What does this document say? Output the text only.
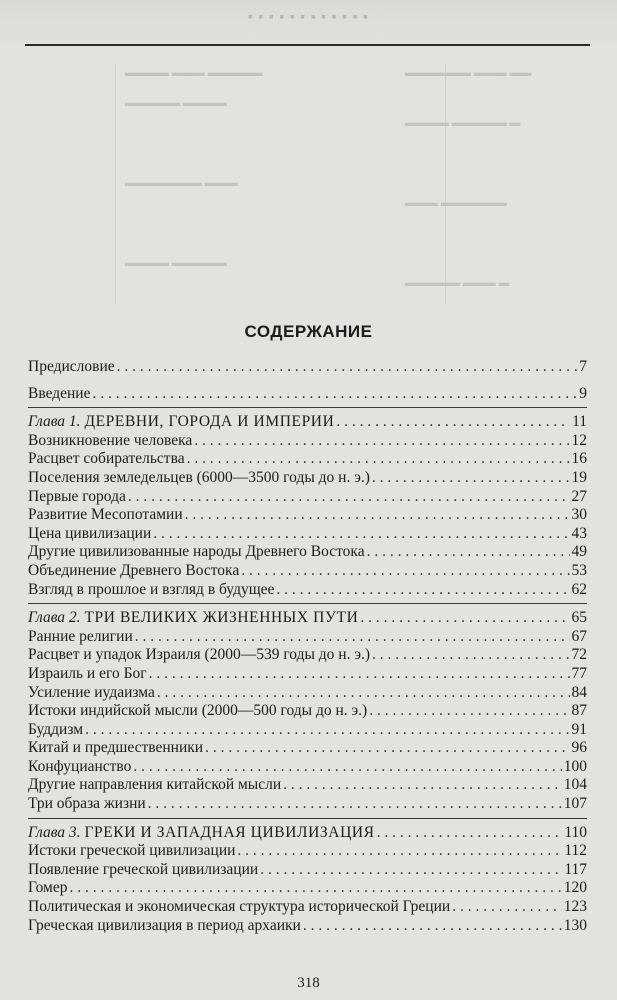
▪ ▪ ▪ ▪ ▪ ▪ ▪ ▪ ▪ ▪ ▪ ▪
▬▬▬▬ ▬▬▬ ▬▬▬▬▬	▬▬▬▬▬▬ ▬▬▬ ▬▬
▬▬▬▬▬ ▬▬▬▬
▬▬▬▬ ▬▬▬▬▬ ▬
▬▬▬▬▬▬▬ ▬▬▬
▬▬▬ ▬▬▬▬▬▬
▬▬▬▬ ▬▬▬▬▬
▬▬▬▬▬ ▬▬▬ ▬
СОДЕРЖАНИЕ
Предисловие . . .	7
Введение . . .	9
Глава 1. ДЕРЕВНИ, ГОРОДА И ИМПЕРИИ . . .	11
Возникновение человека . . .	12
Расцвет собирательства . . .	16
Поселения земледельцев (6000—3500 годы до н. э.) . . .	19
Первые города . . .	27
Развитие Месопотамии . . .	30
Цена цивилизации . . .	43
Другие цивилизованные народы Древнего Востока . . .	49
Объединение Древнего Востока . . .	53
Взгляд в прошлое и взгляд в будущее . . .	62
Глава 2. ТРИ ВЕЛИКИХ ЖИЗНЕННЫХ ПУТИ . . .	65
Ранние религии . . .	67
Расцвет и упадок Израиля (2000—539 годы до н. э.) . . .	72
Израиль и его Бог . . .	77
Усиление иудаизма . . .	84
Истоки индийской мысли (2000—500 годы до н. э.) . . .	87
Буддизм . . .	91
Китай и предшественники . . .	96
Конфуцианство . . .	100
Другие направления китайской мысли . . .	104
Три образа жизни . . .	107
Глава 3. ГРЕКИ И ЗАПАДНАЯ ЦИВИЛИЗАЦИЯ . . .	110
Истоки греческой цивилизации . . .	112
Появление греческой цивилизации . . .	117
Гомер . . .	120
Политическая и экономическая структура исторической Греции . . .	123
Греческая цивилизация в период архаики . . .	130
318
